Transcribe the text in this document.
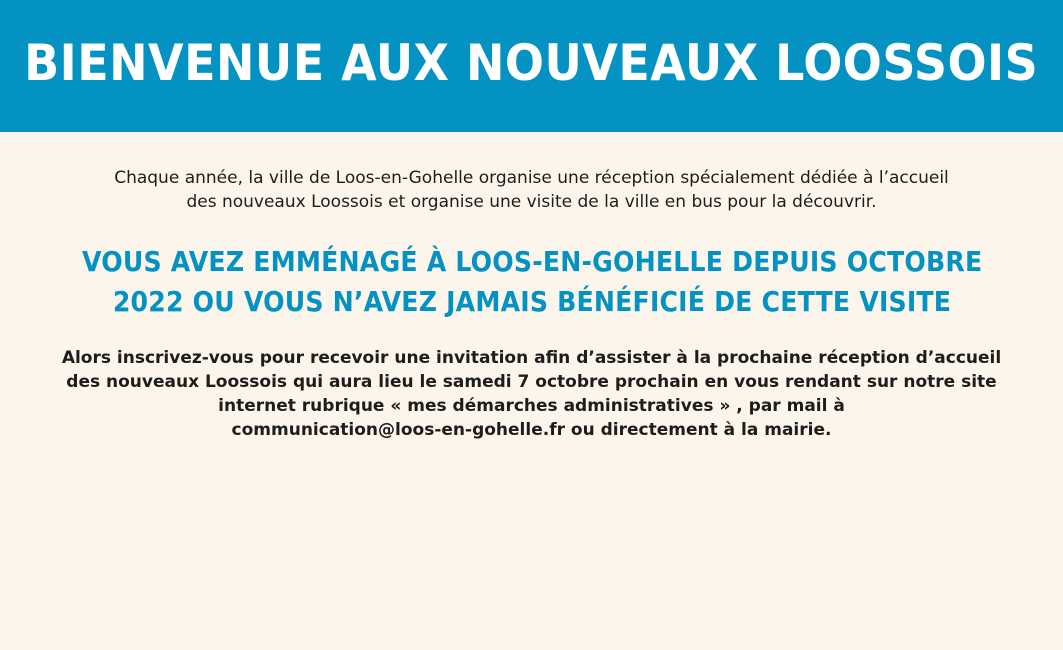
BIENVENUE AUX NOUVEAUX LOOSSOIS

Chaque année, la ville de Loos-en-Gohelle organise une réception spécialement dédiée à l’accueil
des nouveaux Loossois et organise une visite de la ville en bus pour la découvrir.

VOUS AVEZ EMMÉNAGÉ À LOOS-EN-GOHELLE DEPUIS OCTOBRE
2022 OU VOUS N’AVEZ JAMAIS BÉNÉFICIÉ DE CETTE VISITE

Alors inscrivez-vous pour recevoir une invitation afin d’assister à la prochaine réception d’accueil
des nouveaux Loossois qui aura lieu le samedi 7 octobre prochain en vous rendant sur notre site
internet rubrique « mes démarches administratives » , par mail à
communication@loos-en-gohelle.fr ou directement à la mairie.
